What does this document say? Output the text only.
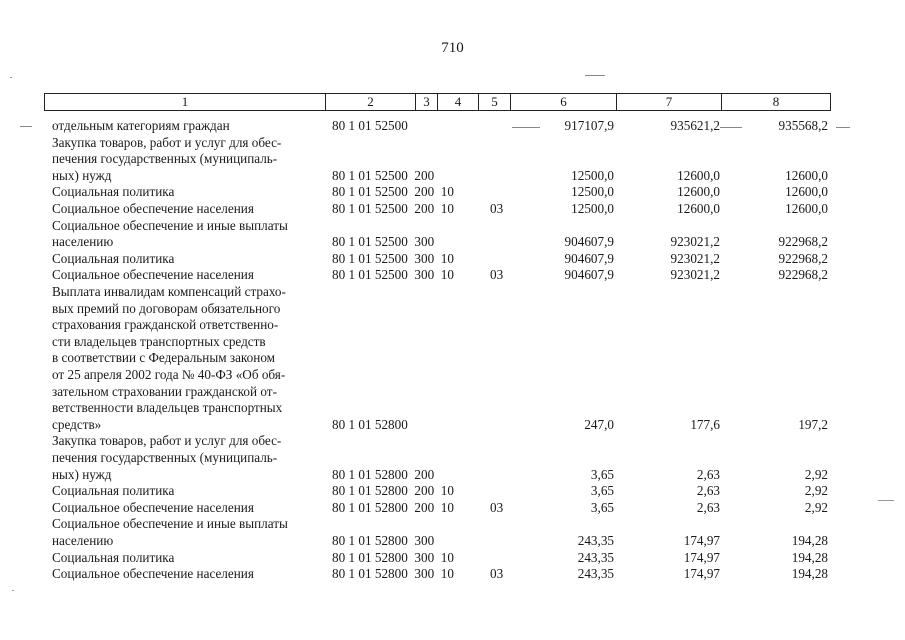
710
1	2	3	4	5	6	7	8
отдельным категориям граждан	80 1 01 52500	917107,9	935621,2	935568,2
Закупка товаров, работ и услуг для обес-
печения государственных (муниципаль-
ных) нужд	80 1 01 52500  200	12500,0	12600,0	12600,0
Социальная политика	80 1 01 52500  200  10	12500,0	12600,0	12600,0
Социальное обеспечение населения	80 1 01 52500  200  10	03	12500,0	12600,0	12600,0
Социальное обеспечение и иные выплаты
населению	80 1 01 52500  300	904607,9	923021,2	922968,2
Социальная политика	80 1 01 52500  300  10	904607,9	923021,2	922968,2
Социальное обеспечение населения	80 1 01 52500  300  10	03	904607,9	923021,2	922968,2
Выплата инвалидам компенсаций страхо-
вых премий по договорам обязательного
страхования гражданской ответственно-
сти владельцев транспортных средств
в соответствии с Федеральным законом
от 25 апреля 2002 года № 40-ФЗ «Об обя-
зательном страховании гражданской от-
ветственности владельцев транспортных
средств»	80 1 01 52800	247,0	177,6	197,2
Закупка товаров, работ и услуг для обес-
печения государственных (муниципаль-
ных) нужд	80 1 01 52800  200	3,65	2,63	2,92
Социальная политика	80 1 01 52800  200  10	3,65	2,63	2,92
Социальное обеспечение населения	80 1 01 52800  200  10	03	3,65	2,63	2,92
Социальное обеспечение и иные выплаты
населению	80 1 01 52800  300	243,35	174,97	194,28
Социальная политика	80 1 01 52800  300  10	243,35	174,97	194,28
Социальное обеспечение населения	80 1 01 52800  300  10	03	243,35	174,97	194,28
